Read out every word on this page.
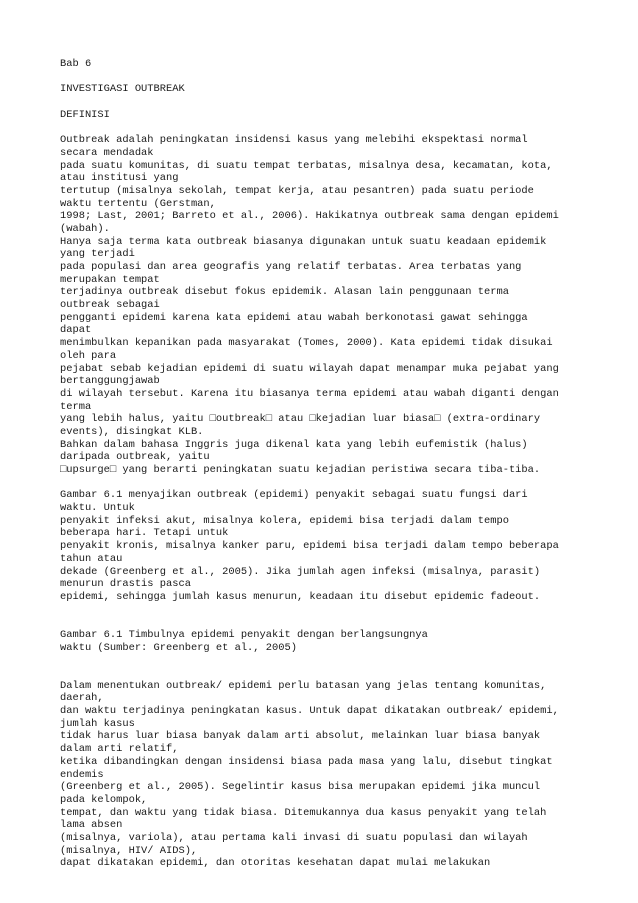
Bab 6
INVESTIGASI OUTBREAK
DEFINISI
Outbreak adalah peningkatan insidensi kasus yang melebihi ekspektasi normal
secara mendadak
pada suatu komunitas, di suatu tempat terbatas, misalnya desa, kecamatan, kota,
atau institusi yang
tertutup (misalnya sekolah, tempat kerja, atau pesantren) pada suatu periode
waktu tertentu (Gerstman,
1998; Last, 2001; Barreto et al., 2006). Hakikatnya outbreak sama dengan epidemi
(wabah).
Hanya saja terma kata outbreak biasanya digunakan untuk suatu keadaan epidemik
yang terjadi
pada populasi dan area geografis yang relatif terbatas. Area terbatas yang
merupakan tempat
terjadinya outbreak disebut fokus epidemik. Alasan lain penggunaan terma
outbreak sebagai
pengganti epidemi karena kata epidemi atau wabah berkonotasi gawat sehingga
dapat
menimbulkan kepanikan pada masyarakat (Tomes, 2000). Kata epidemi tidak disukai
oleh para
pejabat sebab kejadian epidemi di suatu wilayah dapat menampar muka pejabat yang
bertanggungjawab
di wilayah tersebut. Karena itu biasanya terma epidemi atau wabah diganti dengan
terma
yang lebih halus, yaitu □outbreak□ atau □kejadian luar biasa□ (extra-ordinary
events), disingkat KLB.
Bahkan dalam bahasa Inggris juga dikenal kata yang lebih eufemistik (halus)
daripada outbreak, yaitu
□upsurge□ yang berarti peningkatan suatu kejadian peristiwa secara tiba-tiba.
Gambar 6.1 menyajikan outbreak (epidemi) penyakit sebagai suatu fungsi dari
waktu. Untuk
penyakit infeksi akut, misalnya kolera, epidemi bisa terjadi dalam tempo
beberapa hari. Tetapi untuk
penyakit kronis, misalnya kanker paru, epidemi bisa terjadi dalam tempo beberapa
tahun atau
dekade (Greenberg et al., 2005). Jika jumlah agen infeksi (misalnya, parasit)
menurun drastis pasca
epidemi, sehingga jumlah kasus menurun, keadaan itu disebut epidemic fadeout.
Gambar 6.1 Timbulnya epidemi penyakit dengan berlangsungnya
waktu (Sumber: Greenberg et al., 2005)
Dalam menentukan outbreak/ epidemi perlu batasan yang jelas tentang komunitas,
daerah,
dan waktu terjadinya peningkatan kasus. Untuk dapat dikatakan outbreak/ epidemi,
jumlah kasus
tidak harus luar biasa banyak dalam arti absolut, melainkan luar biasa banyak
dalam arti relatif,
ketika dibandingkan dengan insidensi biasa pada masa yang lalu, disebut tingkat
endemis
(Greenberg et al., 2005). Segelintir kasus bisa merupakan epidemi jika muncul
pada kelompok,
tempat, dan waktu yang tidak biasa. Ditemukannya dua kasus penyakit yang telah
lama absen
(misalnya, variola), atau pertama kali invasi di suatu populasi dan wilayah
(misalnya, HIV/ AIDS),
dapat dikatakan epidemi, dan otoritas kesehatan dapat mulai melakukan
